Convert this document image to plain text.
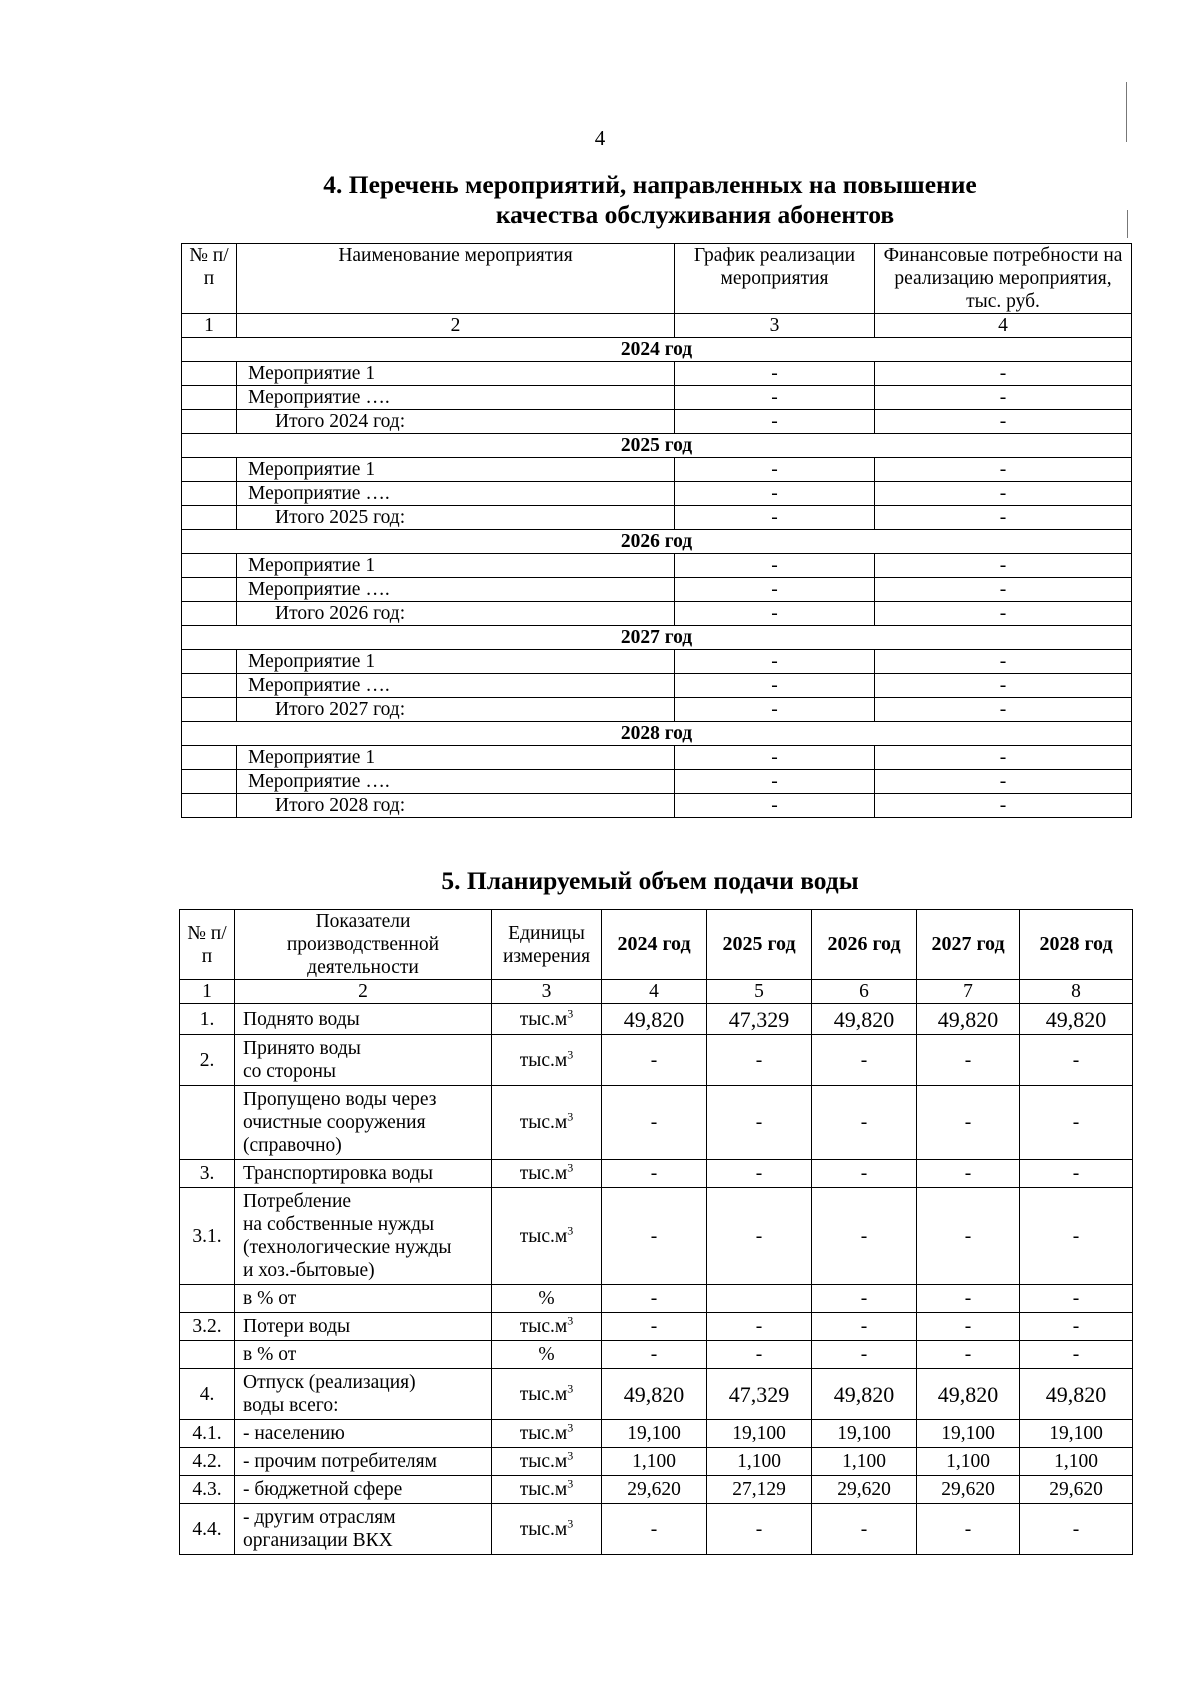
4
4. Перечень мероприятий, направленных на повышение
качества обслуживания абонентов
№ п/п	Наименование мероприятия	График реализации мероприятия	Финансовые потребности на реализацию мероприятия, тыс. руб.
1	2	3	4
2024 год			
	Мероприятие 1	-	-
	Мероприятие ….	-	-
	Итого 2024 год:	-	-
2025 год			
	Мероприятие 1	-	-
	Мероприятие ….	-	-
	Итого 2025 год:	-	-
2026 год			
	Мероприятие 1	-	-
	Мероприятие ….	-	-
	Итого 2026 год:	-	-
2027 год			
	Мероприятие 1	-	-
	Мероприятие ….	-	-
	Итого 2027 год:	-	-
2028 год			
	Мероприятие 1	-	-
	Мероприятие ….	-	-
	Итого 2028 год:	-	-
5. Планируемый объем подачи воды
№ п/п	Показатели производственной деятельности	Единицы измерения	2024 год	2025 год	2026 год	2027 год	2028 год
1	2	3	4	5	6	7	8
1.	Поднято воды	$тыс.м^3$	49,820	47,329	49,820	49,820	49,820
2.	Принято воды
со стороны	$тыс.м^3$	-	-	-	-	-

	Пропущено воды через
очистные сооружения
(справочно)	$тыс.м^3$	-	-	-	-	-
3.	Транспортировка воды	$тыс.м^3$	-	-	-	-	-
3.1.	Потребление
на собственные нужды
(технологические нужды
и хоз.-бытовые)	$тыс.м^3$	-	-	-	-	-

	в % от	%	-		-	-	-
3.2.	Потери воды	$тыс.м^3$	-	-	-	-	-

	в % от	%	-	-	-	-	-
4.	Отпуск (реализация)
воды всего:	$тыс.м^3$	49,820	47,329	49,820	49,820	49,820
4.1.	- населению	$тыс.м^3$	19,100	19,100	19,100	19,100	19,100
4.2.	- прочим потребителям	$тыс.м^3$	1,100	1,100	1,100	1,100	1,100
4.3.	- бюджетной сфере	$тыс.м^3$	29,620	27,129	29,620	29,620	29,620
4.4.	- другим отраслям
организации ВКХ	$тыс.м^3$	-	-	-	-	-
